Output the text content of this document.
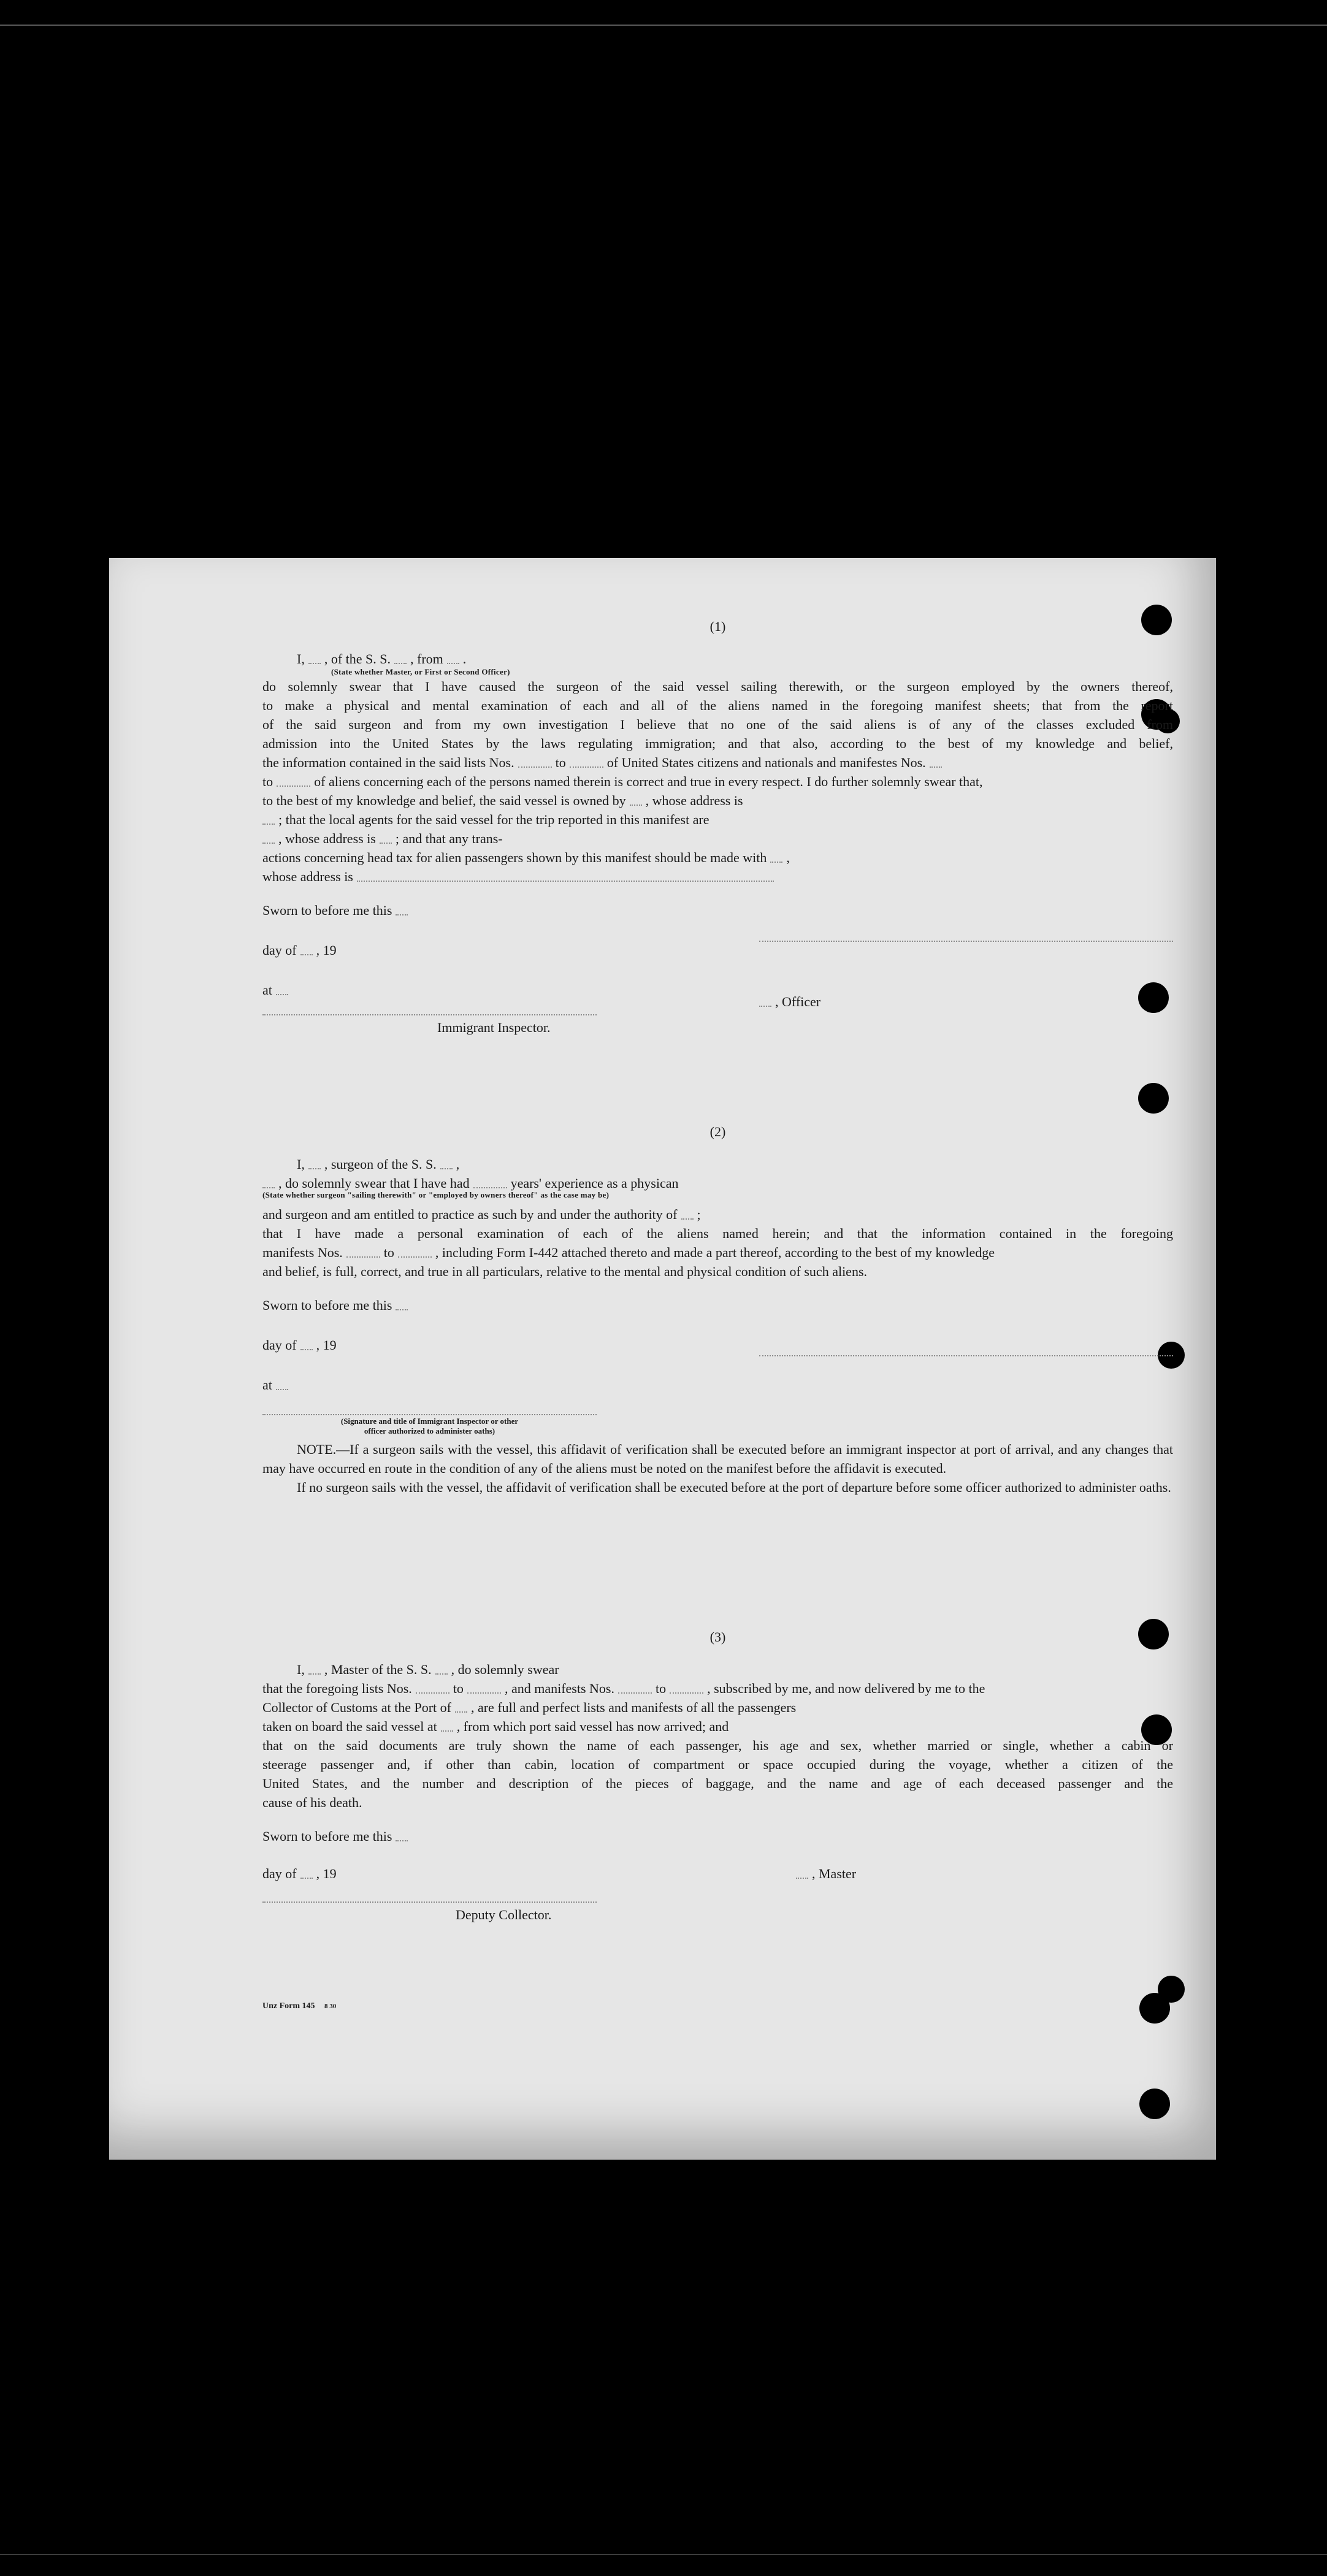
(1)

I, , of the S. S. , from .
(State whether Master, or First or Second Officer)
do solemnly swear that I have caused the surgeon of the said vessel sailing therewith, or the surgeon employed by the owners thereof,
to make a physical and mental examination of each and all of the aliens named in the foregoing manifest sheets; that from the report
of the said surgeon and from my own investigation I believe that no one of the said aliens is of any of the classes excluded from
admission into the United States by the laws regulating immigration; and that also, according to the best of my knowledge and belief,
the information contained in the said lists Nos.	to	of United States citizens and nationals and manifestes Nos.
to	of aliens concerning each of the persons named therein is correct and true in every respect. I do further solemnly swear that,
to the best of my knowledge and belief, the said vessel is owned by , whose address is
; that the local agents for the said vessel for the trip reported in this manifest are
, whose address is ; and that any trans-
actions concerning head tax for alien passengers shown by this manifest should be made with ,
whose address is
Sworn to before me this
day of , 19
at
, Officer
Immigrant Inspector.

(2)

I, , surgeon of the S. S. ,
, do solemnly swear that I have had	years' experience as a physican
(State whether surgeon "sailing therewith" or "employed by owners thereof" as the case may be)
and surgeon and am entitled to practice as such by and under the authority of ;
that I have made a personal examination of each of the aliens named herein; and that the information contained in the foregoing
manifests Nos.	to	, including Form I-442 attached thereto and made a part thereof, according to the best of my knowledge
and belief, is full, correct, and true in all particulars, relative to the mental and physical condition of such aliens.
Sworn to before me this
day of , 19
at
(Signature and title of Immigrant Inspector or other
officer authorized to administer oaths)
NOTE.—If a surgeon sails with the vessel, this affidavit of verification shall be executed before an immigrant inspector at port of arrival, and any changes that may have occurred en route in the condition of any of the aliens must be noted on the manifest before the affidavit is executed.
If no surgeon sails with the vessel, the affidavit of verification shall be executed before at the port of departure before some officer authorized to administer oaths.

(3)

I, , Master of the S. S. , do solemnly swear
that the foregoing lists Nos.	to	, and manifests Nos.	to	, subscribed by me, and now delivered by me to the
Collector of Customs at the Port of , are full and perfect lists and manifests of all the passengers
taken on board the said vessel at , from which port said vessel has now arrived; and
that on the said documents are truly shown the name of each passenger, his age and sex, whether married or single, whether a cabin or
steerage passenger and, if other than cabin, location of compartment or space occupied during the voyage, whether a citizen of the
United States, and the number and description of the pieces of baggage, and the name and age of each deceased passenger and the
cause of his death.
Sworn to before me this
, Master
day of , 19
Deputy Collector.
Unz Form 145 8 30
